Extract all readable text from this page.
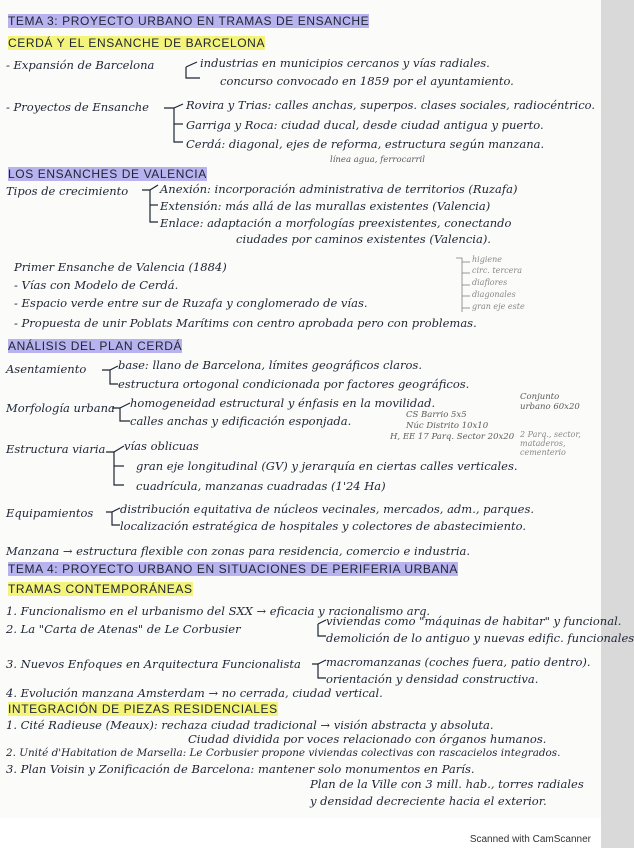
TEMA 3: PROYECTO URBANO EN TRAMAS DE ENSANCHE
CERDÁ Y EL ENSANCHE DE BARCELONA
- Expansión de Barcelona	industrias en municipios cercanos y vías radiales.
concurso convocado en 1859 por el ayuntamiento.
- Proyectos de Ensanche	Rovira y Trias: calles anchas, superpos. clases sociales, radiocéntrico.
Garriga y Roca: ciudad ducal, desde ciudad antigua y puerto.
Cerdá: diagonal, ejes de reforma, estructura según manzana.
línea agua, ferrocarril
LOS ENSANCHES DE VALENCIA
Tipos de crecimiento	Anexión: incorporación administrativa de territorios (Ruzafa)
Extensión: más allá de las murallas existentes (Valencia)
Enlace: adaptación a morfologías preexistentes, conectando
ciudades por caminos existentes (Valencia).
Primer Ensanche de Valencia (1884)
- Vías con Modelo de Cerdá.
- Espacio verde entre sur de Ruzafa y conglomerado de vías.
- Propuesta de unir Poblats Marítims con centro aprobada pero con problemas.
higiene
circ. tercera
diaflores
diagonales
gran eje este
ANÁLISIS DEL PLAN CERDÁ
Asentamiento	base: llano de Barcelona, límites geográficos claros.
estructura ortogonal condicionada por factores geográficos.
Morfología urbana homogeneidad estructural y énfasis en la movilidad.
calles anchas y edificación esponjada.	CS Barrio 5x5
Núc Distrito 10x10
H, EE 17 Parq. Sector 20x20
Conjunto urbano 60x20
2 Parq., sector, mataderos, cementerio
Estructura viaria vías oblicuas
gran eje longitudinal (GV) y jerarquía en ciertas calles verticales.
cuadrícula, manzanas cuadradas (1'24 Ha)
Equipamientos distribución equitativa de núcleos vecinales, mercados, adm., parques.
localización estratégica de hospitales y colectores de abastecimiento.
Manzana → estructura flexible con zonas para residencia, comercio e industria.
TEMA 4: PROYECTO URBANO EN SITUACIONES DE PERIFERIA URBANA
TRAMAS CONTEMPORÁNEAS
1. Funcionalismo en el urbanismo del SXX → eficacia y racionalismo arq.
2. La "Carta de Atenas" de Le Corbusier
viviendas como "máquinas de habitar" y funcional.
demolición de lo antiguo y nuevas edific. funcionales
3. Nuevos Enfoques en Arquitectura Funcionalista macromanzanas (coches fuera, patio dentro).
orientación y densidad constructiva.
4. Evolución manzana Amsterdam → no cerrada, ciudad vertical.
INTEGRACIÓN DE PIEZAS RESIDENCIALES
1. Cité Radieuse (Meaux): rechaza ciudad tradicional → visión abstracta y absoluta.
Ciudad dividida por voces relacionado con órganos humanos.
2. Unité d'Habitation de Marsella: Le Corbusier propone viviendas colectivas con rascacielos integrados.
3. Plan Voisin y Zonificación de Barcelona: mantener solo monumentos en París.
Plan de la Ville con 3 mill. hab., torres radiales
y densidad decreciente hacia el exterior.
Scanned with CamScanner
